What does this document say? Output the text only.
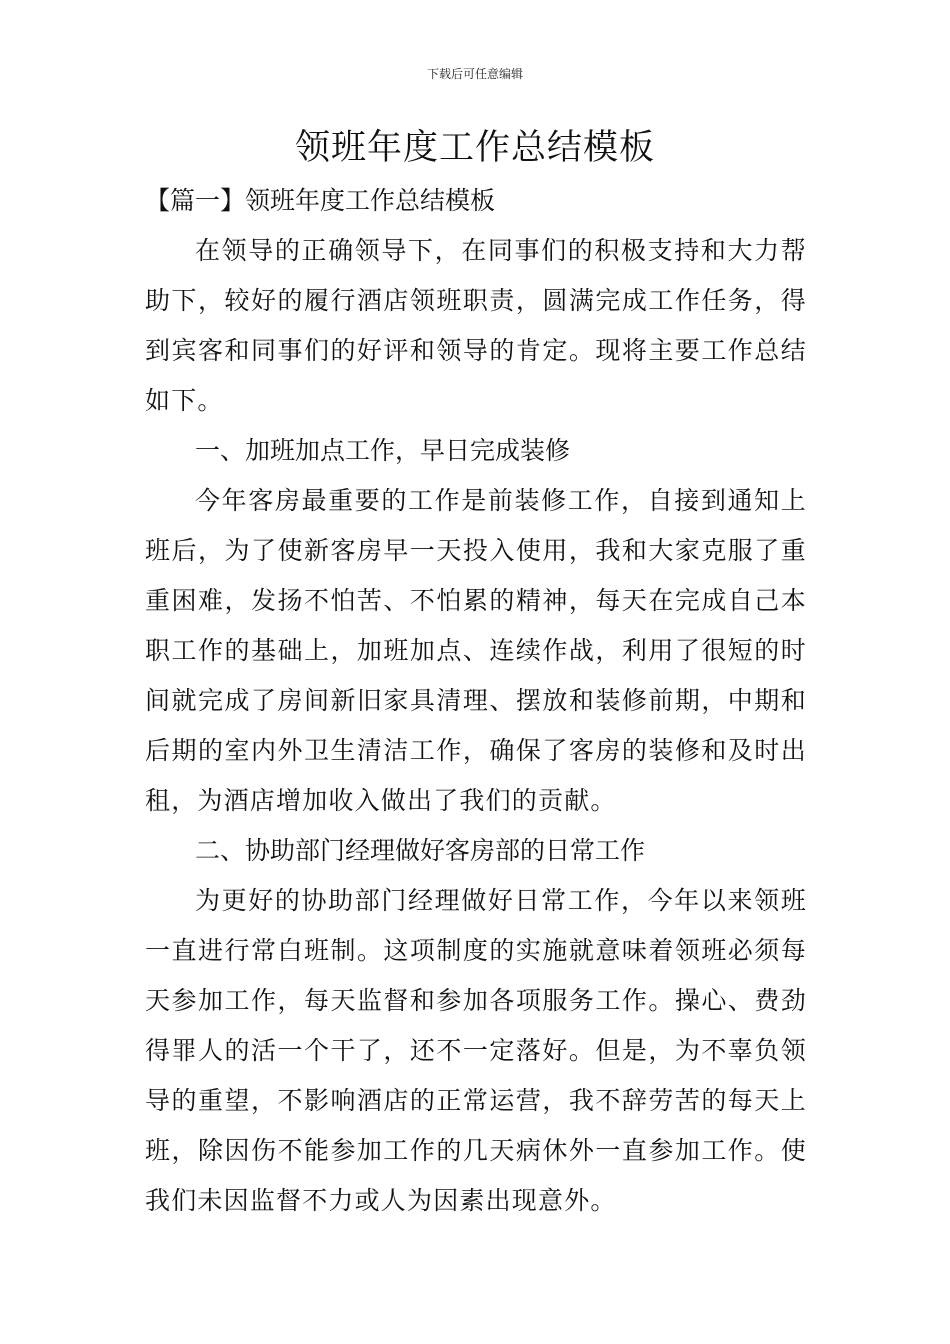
下载后可任意编辑
领班年度工作总结模板

【篇一】领班年度工作总结模板

在领导的正确领导下，在同事们的积极支持和大力帮助下，较好的履行酒店领班职责，圆满完成工作任务，得到宾客和同事们的好评和领导的肯定。现将主要工作总结如下。

一、加班加点工作，早日完成装修

今年客房最重要的工作是前装修工作，自接到通知上班后，为了使新客房早一天投入使用，我和大家克服了重重困难，发扬不怕苦、不怕累的精神，每天在完成自己本职工作的基础上，加班加点、连续作战，利用了很短的时间就完成了房间新旧家具清理、摆放和装修前期，中期和后期的室内外卫生清洁工作，确保了客房的装修和及时出租，为酒店增加收入做出了我们的贡献。

二、协助部门经理做好客房部的日常工作

为更好的协助部门经理做好日常工作，今年以来领班一直进行常白班制。这项制度的实施就意味着领班必须每天参加工作，每天监督和参加各项服务工作。操心、费劲得罪人的活一个干了，还不一定落好。但是，为不辜负领导的重望，不影响酒店的正常运营，我不辞劳苦的每天上班，除因伤不能参加工作的几天病休外一直参加工作。使我们未因监督不力或人为因素出现意外。
